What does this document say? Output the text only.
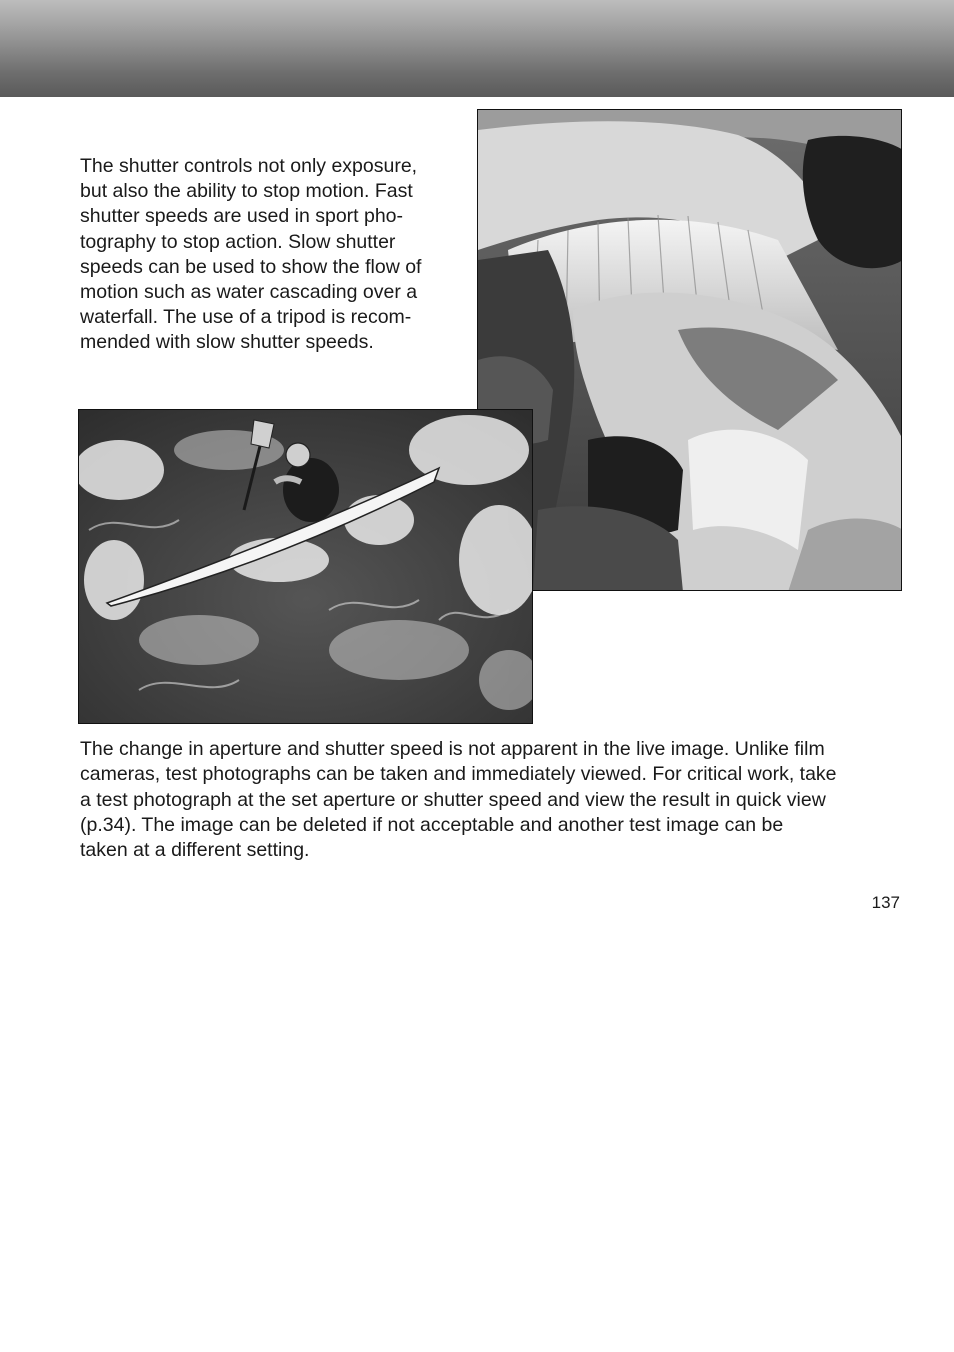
The shutter controls not only exposure,
but also the ability to stop motion. Fast
shutter speeds are used in sport pho-
tography to stop action. Slow shutter
speeds can be used to show the flow of
motion such as water cascading over a
waterfall. The use of a tripod is recom-
mended with slow shutter speeds.

The change in aperture and shutter speed is not apparent in the live image. Unlike film
cameras, test photographs can be taken and immediately viewed. For critical work, take
a test photograph at the set aperture or shutter speed and view the result in quick view
(p.34). The image can be deleted if not acceptable and another test image can be
taken at a different setting.

137
